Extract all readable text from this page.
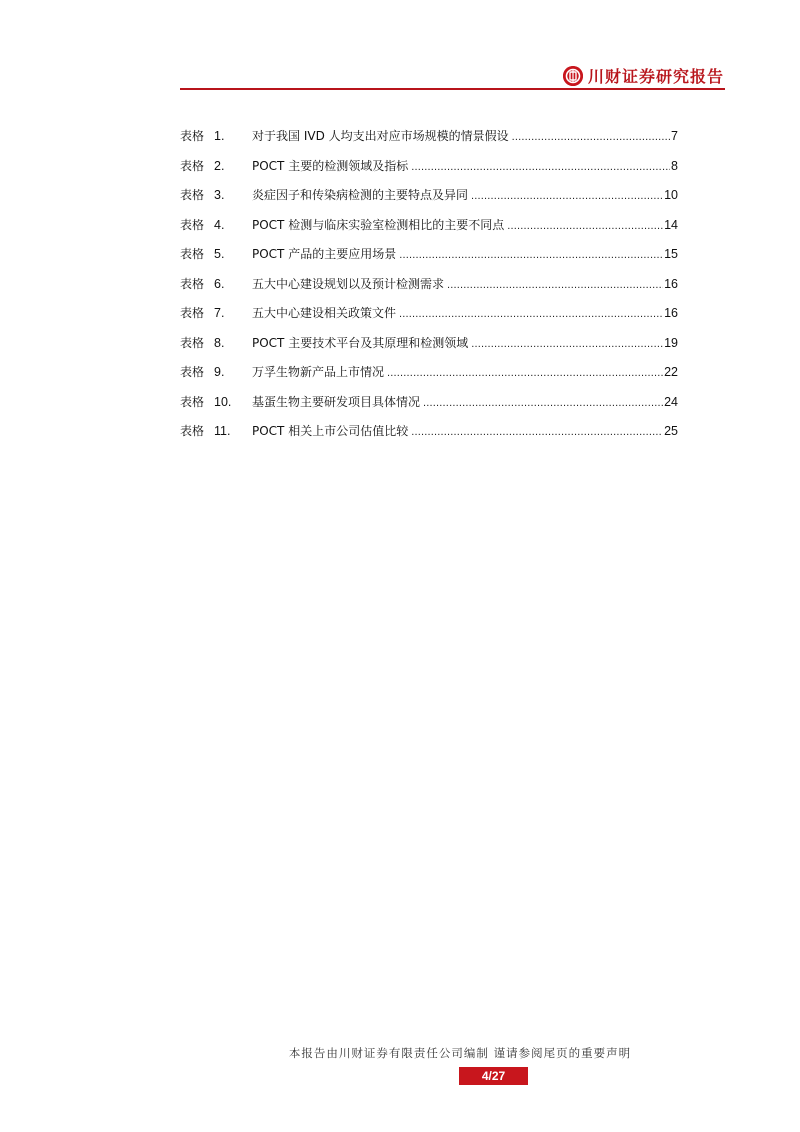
川财证券研究报告
表格 1.	对于我国 IVD 人均支出对应市场规模的情景假设 .....	7
表格 2.	POCT 主要的检测领域及指标 .....	8
表格 3.	炎症因子和传染病检测的主要特点及异同 .....	10
表格 4.	POCT 检测与临床实验室检测相比的主要不同点 .....	14
表格 5.	POCT 产品的主要应用场景 .....	15
表格 6.	五大中心建设规划以及预计检测需求 .....	16
表格 7.	五大中心建设相关政策文件 .....	16
表格 8.	POCT 主要技术平台及其原理和检测领域 .....	19
表格 9.	万孚生物新产品上市情况 .....	22
表格 10.	基蛋生物主要研发项目具体情况 .....	24
表格 11.	POCT 相关上市公司估值比较 .....	25
本报告由川财证券有限责任公司编制 谨请参阅尾页的重要声明
4/27
